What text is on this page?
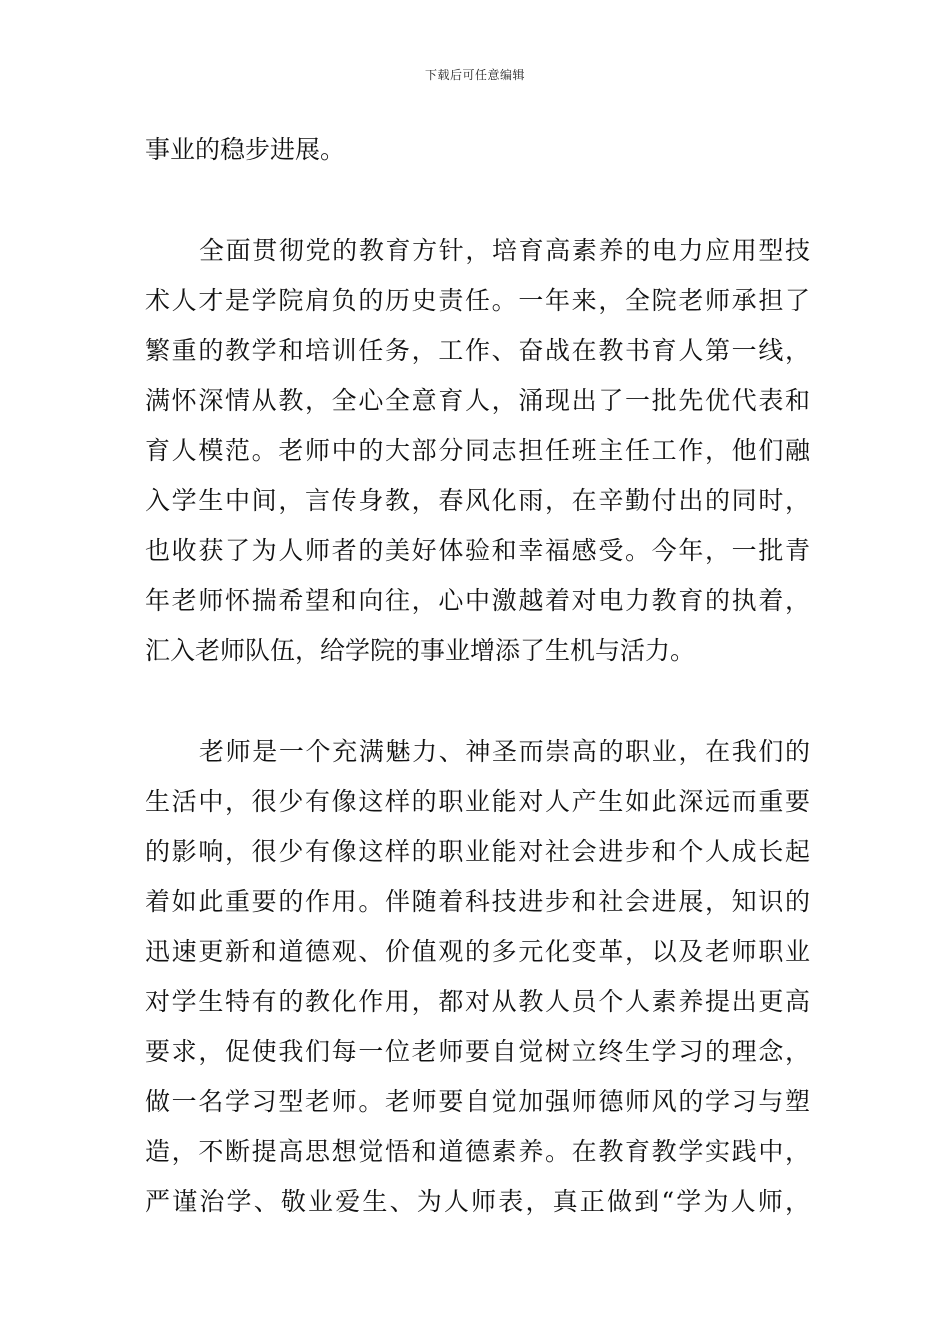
下载后可任意编辑
事业的稳步进展。
全面贯彻党的教育方针，培育高素养的电力应用型技
术人才是学院肩负的历史责任。一年来，全院老师承担了
繁重的教学和培训任务，工作、奋战在教书育人第一线，
满怀深情从教，全心全意育人，涌现出了一批先优代表和
育人模范。老师中的大部分同志担任班主任工作，他们融
入学生中间，言传身教，春风化雨，在辛勤付出的同时，
也收获了为人师者的美好体验和幸福感受。今年，一批青
年老师怀揣希望和向往，心中激越着对电力教育的执着，
汇入老师队伍，给学院的事业增添了生机与活力。
老师是一个充满魅力、神圣而崇高的职业，在我们的
生活中，很少有像这样的职业能对人产生如此深远而重要
的影响，很少有像这样的职业能对社会进步和个人成长起
着如此重要的作用。伴随着科技进步和社会进展，知识的
迅速更新和道德观、价值观的多元化变革，以及老师职业
对学生特有的教化作用，都对从教人员个人素养提出更高
要求，促使我们每一位老师要自觉树立终生学习的理念，
做一名学习型老师。老师要自觉加强师德师风的学习与塑
造，不断提高思想觉悟和道德素养。在教育教学实践中，
严谨治学、敬业爱生、为人师表，真正做到“学为人师，
